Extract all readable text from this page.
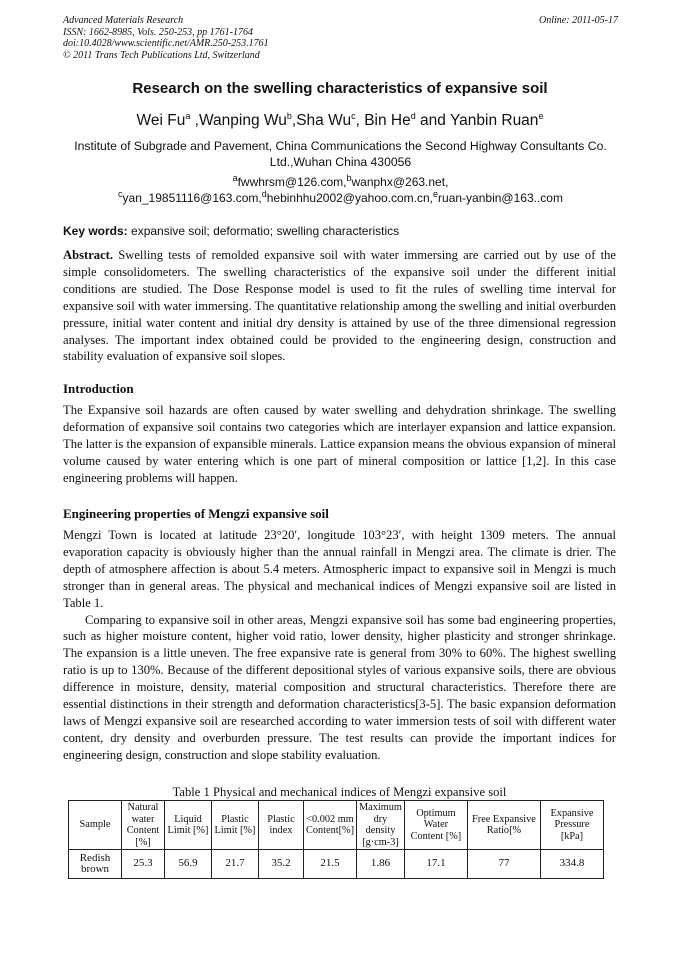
Advanced Materials Research
ISSN: 1662-8985, Vols. 250-253, pp 1761-1764
doi:10.4028/www.scientific.net/AMR.250-253.1761
© 2011 Trans Tech Publications Ltd, Switzerland
Online: 2011-05-17
Research on the swelling characteristics of expansive soil
Wei Fu$^a$ ,Wanping Wu$^b$,Sha Wu$^c$, Bin He$^d$ and Yanbin Ruan$^e$
Institute of Subgrade and Pavement, China Communications the Second Highway Consultants Co. Ltd.,Wuhan China 430056
$^a$fwwhrsm@126.com,$^b$wanphx@263.net,
$^c$yan_19851116@163.com,$^d$hebinhhu2002@yahoo.com.cn,$^e$ruan-yanbin@163..com
Key words: expansive soil; deformatio; swelling characteristics

Abstract. Swelling tests of remolded expansive soil with water immersing are carried out by use of the simple consolidometers. The swelling characteristics of the expansive soil under the different initial conditions are studied. The Dose Response model is used to fit the rules of swelling time interval for expansive soil with water immersing. The quantitative relationship among the swelling and initial overburden pressure, initial water content and initial dry density is attained by use of the three dimensional regression analyses. The important index obtained could be provided to the engineering design, construction and stability evaluation of expansive soil slopes.

Introduction

The Expansive soil hazards are often caused by water swelling and dehydration shrinkage. The swelling deformation of expansive soil contains two categories which are interlayer expansion and lattice expansion. The latter is the expansion of expansible minerals. Lattice expansion means the obvious expansion of mineral volume caused by water entering which is one part of mineral composition or lattice [1,2]. In this case engineering problems will happen.

Engineering properties of Mengzi expansive soil

Mengzi Town is located at latitude 23°20′, longitude 103°23′, with height 1309 meters. The annual evaporation capacity is obviously higher than the annual rainfall in Mengzi area. The climate is drier. The depth of atmosphere affection is about 5.4 meters. Atmospheric impact to expansive soil in Mengzi is much stronger than in general areas. The physical and mechanical indices of Mengzi expansive soil are listed in Table 1.

Comparing to expansive soil in other areas, Mengzi expansive soil has some bad engineering properties, such as higher moisture content, higher void ratio, lower density, higher plasticity and stronger shrinkage. The expansion is a little uneven. The free expansive rate is general from 30% to 60%. The highest swelling ratio is up to 130%. Because of the different depositional styles of various expansive soils, there are obvious difference in moisture, density, material composition and structural characteristics. Therefore there are essential distinctions in their strength and deformation characteristics[3-5]. The basic expansion deformation laws of Mengzi expansive soil are researched according to water immersion tests of soil with different water content, dry density and overburden pressure. The test results can provide the important indices for engineering design, construction and slope stability evaluation.

Table 1 Physical and mechanical indices of Mengzi expansive soil
Sample	Natural water Content [%]	Liquid Limit [%]	Plastic Limit [%]	Plastic index	<0.002 mm Content[%]	Maximum dry density [g·cm-3]	Optimum Water Content [%]	Free Expansive Ratio[%	Expansive Pressure [kPa]
Redish brown	25.3	56.9	21.7	35.2	21.5	1.86	17.1	77	334.8
